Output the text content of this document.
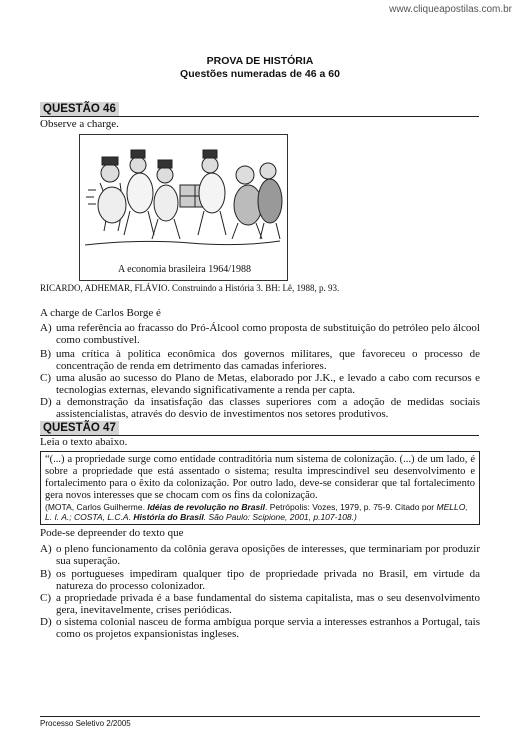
www.cliqueapostilas.com.br
PROVA DE HISTÓRIA
Questões numeradas de 46 a 60
QUESTÃO 46
Observe a charge.
A economia brasileira 1964/1988
RICARDO, ADHEMAR, FLÁVIO. Construindo a História 3. BH: Lê, 1988, p. 93.
A charge de Carlos Borge é
A) uma referência ao fracasso do Pró-Álcool como proposta de substituição do petróleo pelo álcool como combustível.
B) uma crítica à política econômica dos governos militares, que favoreceu o processo de concentração de renda em detrimento das camadas inferiores.
C) uma alusão ao sucesso do Plano de Metas, elaborado por J.K., e levado a cabo com recursos e tecnologias externas, elevando significativamente a renda per capta.
D) a demonstração da insatisfação das classes superiores com a adoção de medidas sociais assistencialistas, através do desvio de investimentos nos setores produtivos.
QUESTÃO 47
Leia o texto abaixo.
“(...) a propriedade surge como entidade contraditória num sistema de colonização. (...) de um lado, é sobre a propriedade que está assentado o sistema; resulta imprescindível seu desenvolvimento e fortalecimento para o êxito da colonização. Por outro lado, deve-se considerar que tal fortalecimento gera novos interesses que se chocam com os fins da colonização.
(MOTA, Carlos Guilherme. Idéias de revolução no Brasil. Petrópolis: Vozes, 1979, p. 75-9. Citado por MELLO, L. I. A.; COSTA, L.C.A. História do Brasil. São Paulo: Scipione, 2001, p.107-108.)
Pode-se depreender do texto que
A) o pleno funcionamento da colônia gerava oposições de interesses, que terminariam por produzir sua superação.
B) os portugueses impediram qualquer tipo de propriedade privada no Brasil, em virtude da natureza do processo colonizador.
C) a propriedade privada é a base fundamental do sistema capitalista, mas o seu desenvolvimento gera, inevitavelmente, crises periódicas.
D) o sistema colonial nasceu de forma ambígua porque servia a interesses estranhos a Portugal, tais como os projetos expansionistas ingleses.
Processo Seletivo 2/2005
